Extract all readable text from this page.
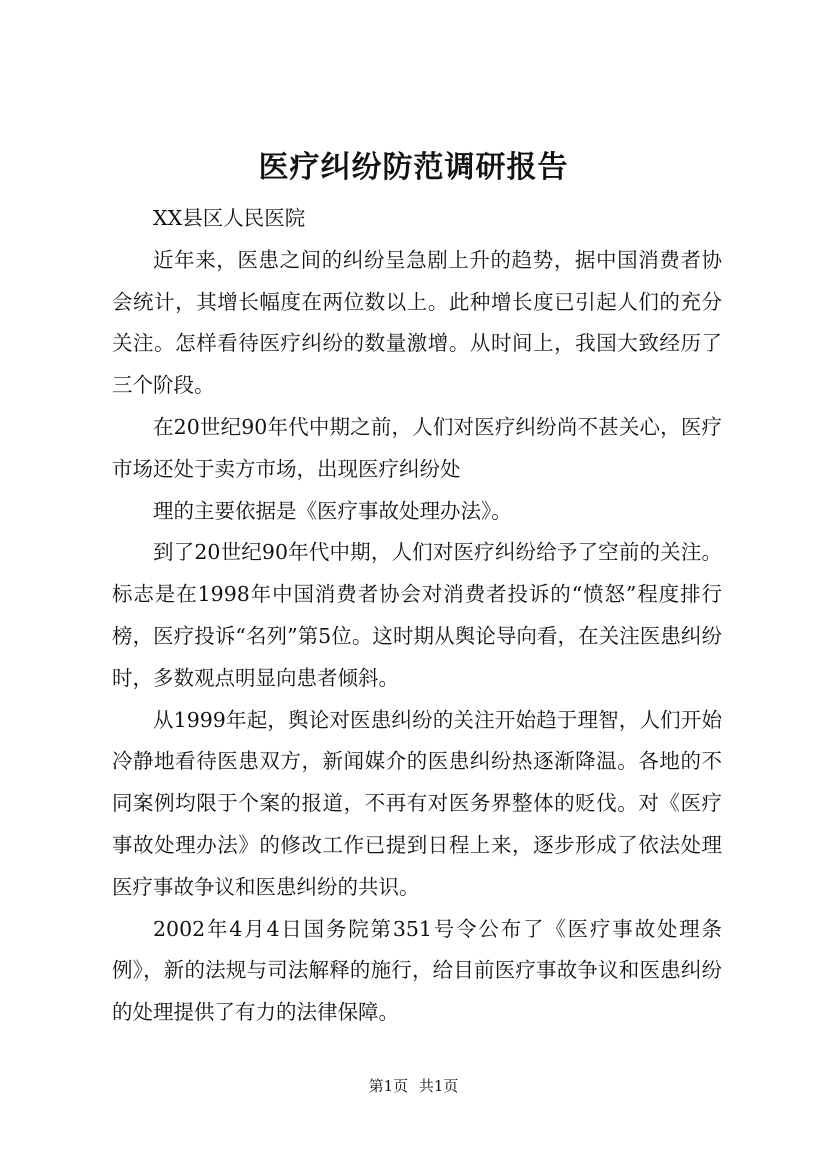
医疗纠纷防范调研报告

XX县区人民医院

近年来，医患之间的纠纷呈急剧上升的趋势，据中国消费者协会统计，其增长幅度在两位数以上。此种增长度已引起人们的充分关注。怎样看待医疗纠纷的数量激增。从时间上，我国大致经历了三个阶段。

在20世纪90年代中期之前，人们对医疗纠纷尚不甚关心，医疗市场还处于卖方市场，出现医疗纠纷处

理的主要依据是《医疗事故处理办法》。

到了20世纪90年代中期，人们对医疗纠纷给予了空前的关注。标志是在1998年中国消费者协会对消费者投诉的“愤怒”程度排行榜，医疗投诉“名列”第5位。这时期从舆论导向看，在关注医患纠纷时，多数观点明显向患者倾斜。

从1999年起，舆论对医患纠纷的关注开始趋于理智，人们开始冷静地看待医患双方，新闻媒介的医患纠纷热逐渐降温。各地的不同案例均限于个案的报道，不再有对医务界整体的贬伐。对《医疗事故处理办法》的修改工作已提到日程上来，逐步形成了依法处理医疗事故争议和医患纠纷的共识。

2002年4月4日国务院第351号令公布了《医疗事故处理条例》，新的法规与司法解释的施行，给目前医疗事故争议和医患纠纷的处理提供了有力的法律保障。

第1页 共1页
